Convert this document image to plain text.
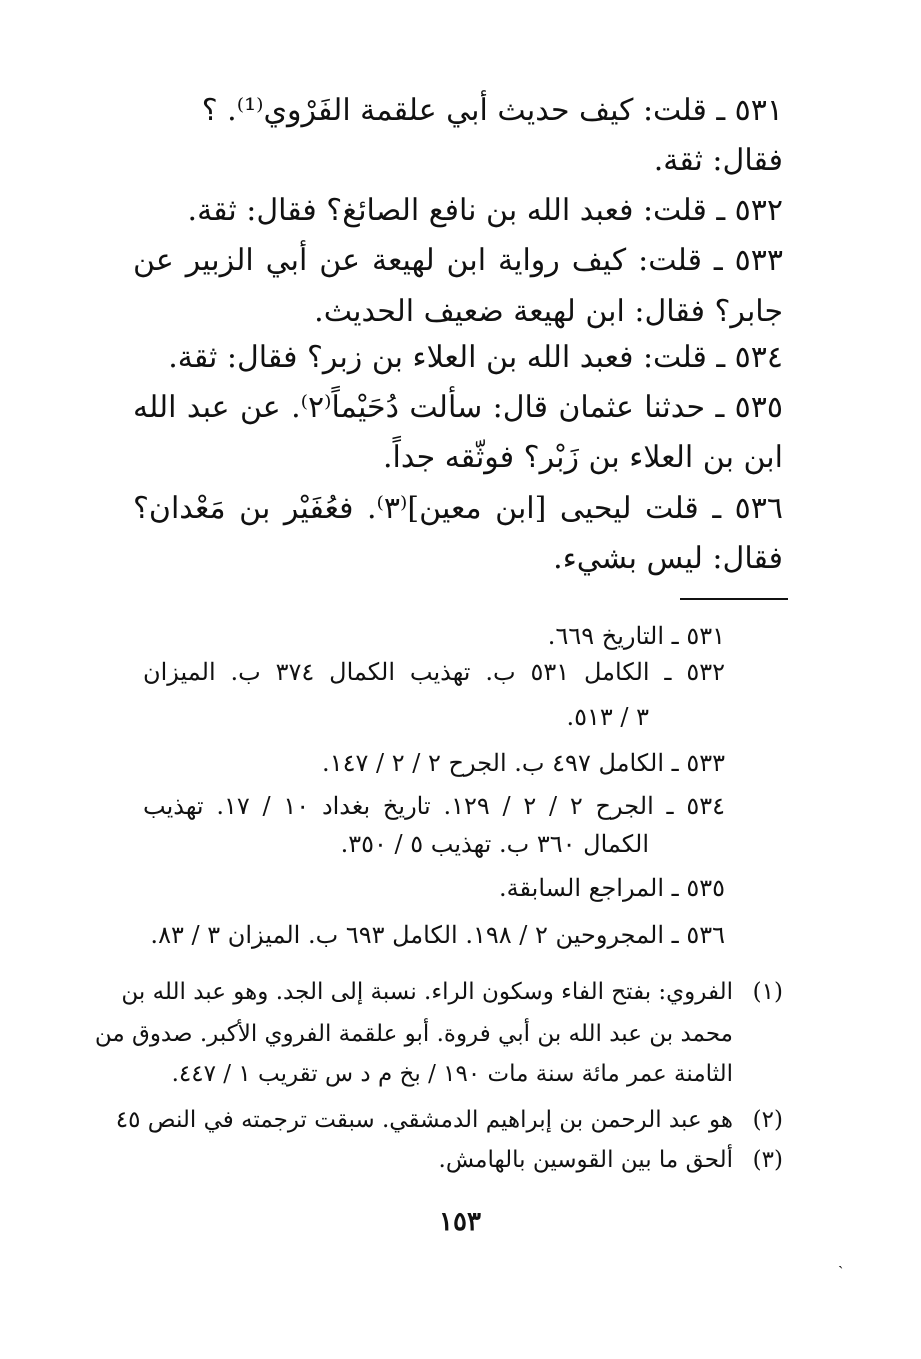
٥٣١ ـ قلت: كيف حديث أبي علقمة الفَرْوي⁽¹⁾. ؟
فقال: ثقة.
٥٣٢ ـ قلت: فعبد الله بن نافع الصائغ؟ فقال: ثقة.
٥٣٣ ـ قلت: كيف رواية ابن لهيعة عن أبي الزبير عن
جابر؟ فقال: ابن لهيعة ضعيف الحديث.
٥٣٤ ـ قلت: فعبد الله بن العلاء بن زبر؟ فقال: ثقة.
٥٣٥ ـ حدثنا عثمان قال: سألت دُحَيْماً⁽٢⁾. عن عبد الله
ابن بن العلاء بن زَبْر؟ فوثّقه جداً.
٥٣٦ ـ قلت ليحيى [ابن معين]⁽٣⁾. فعُفَيْر بن مَعْدان؟
فقال: ليس بشيء.
٥٣١ ـ التاريخ ٦٦٩.
٥٣٢ ـ الكامل ٥٣١ ب. تهذيب الكمال ٣٧٤ ب. الميزان
٣ / ٥١٣.
٥٣٣ ـ الكامل ٤٩٧ ب. الجرح ٢ / ٢ / ١٤٧.
٥٣٤ ـ الجرح ٢ / ٢ / ١٢٩. تاريخ بغداد ١٠ / ١٧. تهذيب
الكمال ٣٦٠ ب. تهذيب ٥ / ٣٥٠.
٥٣٥ ـ المراجع السابقة.
٥٣٦ ـ المجروحين ٢ / ١٩٨. الكامل ٦٩٣ ب. الميزان ٣ / ٨٣.
(١)
الفروي: بفتح الفاء وسكون الراء. نسبة إلى الجد. وهو عبد الله بن
محمد بن عبد الله بن أبي فروة. أبو علقمة الفروي الأكبر. صدوق من
الثامنة عمر مائة سنة مات ١٩٠ / بخ م د س تقريب ١ / ٤٤٧.
(٢)
هو عبد الرحمن بن إبراهيم الدمشقي. سبقت ترجمته في النص ٤٥
(٣)
ألحق ما بين القوسين بالهامش.
١٥٣
ˏ
